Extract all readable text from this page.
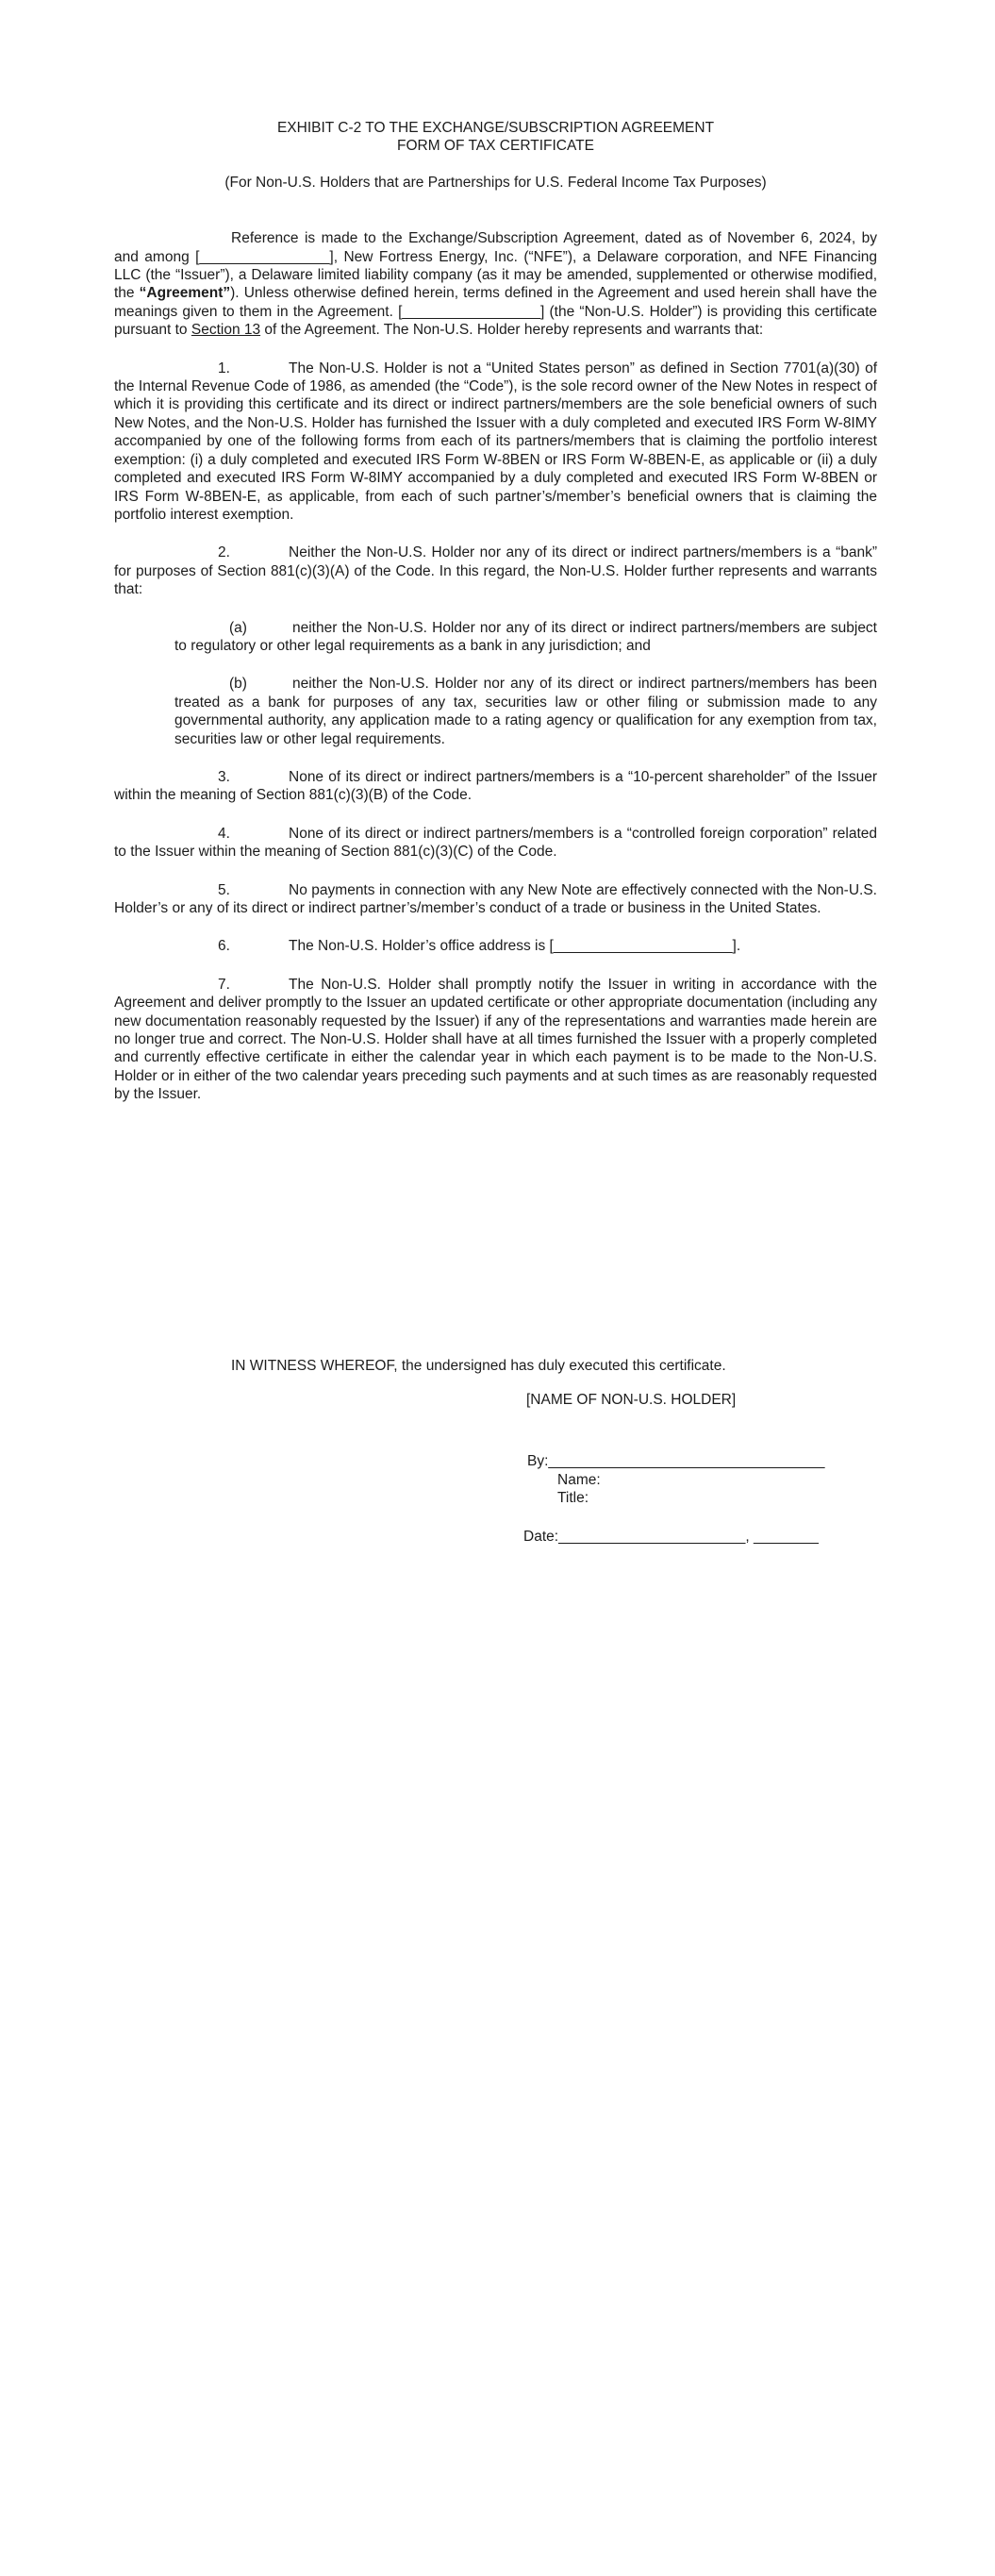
EXHIBIT C-2 TO THE EXCHANGE/SUBSCRIPTION AGREEMENT
FORM OF TAX CERTIFICATE

(For Non-U.S. Holders that are Partnerships for U.S. Federal Income Tax Purposes)

Reference is made to the Exchange/Subscription Agreement, dated as of November 6, 2024, by and among [________________], New Fortress Energy, Inc. (“NFE”), a Delaware corporation, and NFE Financing LLC (the “Issuer”), a Delaware limited liability company (as it may be amended, supplemented or otherwise modified, the “Agreement”). Unless otherwise defined herein, terms defined in the Agreement and used herein shall have the meanings given to them in the Agreement. [_________________] (the “Non-U.S. Holder”) is providing this certificate pursuant to Section 13 of the Agreement. The Non-U.S. Holder hereby represents and warrants that:

1.	The Non-U.S. Holder is not a “United States person” as defined in Section 7701(a)(30) of the Internal Revenue Code of 1986, as amended (the “Code”), is the sole record owner of the New Notes in respect of which it is providing this certificate and its direct or indirect partners/members are the sole beneficial owners of such New Notes, and the Non-U.S. Holder has furnished the Issuer with a duly completed and executed IRS Form W-8IMY accompanied by one of the following forms from each of its partners/members that is claiming the portfolio interest exemption: (i) a duly completed and executed IRS Form W-8BEN or IRS Form W-8BEN-E, as applicable or (ii) a duly completed and executed IRS Form W-8IMY accompanied by a duly completed and executed IRS Form W-8BEN or IRS Form W-8BEN-E, as applicable, from each of such partner’s/member’s beneficial owners that is claiming the portfolio interest exemption.

2.	Neither the Non-U.S. Holder nor any of its direct or indirect partners/members is a “bank” for purposes of Section 881(c)(3)(A) of the Code. In this regard, the Non-U.S. Holder further represents and warrants that:

(a)	neither the Non-U.S. Holder nor any of its direct or indirect partners/members are subject to regulatory or other legal requirements as a bank in any jurisdiction; and

(b)	neither the Non-U.S. Holder nor any of its direct or indirect partners/members has been treated as a bank for purposes of any tax, securities law or other filing or submission made to any governmental authority, any application made to a rating agency or qualification for any exemption from tax, securities law or other legal requirements.

3.	None of its direct or indirect partners/members is a “10-percent shareholder” of the Issuer within the meaning of Section 881(c)(3)(B) of the Code.

4.	None of its direct or indirect partners/members is a “controlled foreign corporation” related to the Issuer within the meaning of Section 881(c)(3)(C) of the Code.

5.	No payments in connection with any New Note are effectively connected with the Non-U.S. Holder’s or any of its direct or indirect partner’s/member’s conduct of a trade or business in the United States.

6.	The Non-U.S. Holder’s office address is [______________________].

7.	The Non-U.S. Holder shall promptly notify the Issuer in writing in accordance with the Agreement and deliver promptly to the Issuer an updated certificate or other appropriate documentation (including any new documentation reasonably requested by the Issuer) if any of the representations and warranties made herein are no longer true and correct. The Non-U.S. Holder shall have at all times furnished the Issuer with a properly completed and currently effective certificate in either the calendar year in which each payment is to be made to the Non-U.S. Holder or in either of the two calendar years preceding such payments and at such times as are reasonably requested by the Issuer.

IN WITNESS WHEREOF, the undersigned has duly executed this certificate.

[NAME OF NON-U.S. HOLDER]
By:__________________________________
Name:
Title:
Date:_______________________, ________
